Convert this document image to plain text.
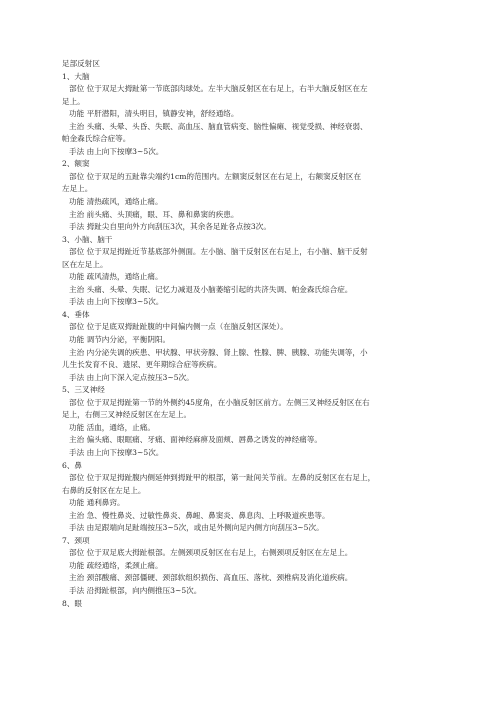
足部反射区
1、大脑
部位 位于双足大拇趾第一节底部肉球处。左半大脑反射区在右足上，右半大脑反射区在左
足上。
功能 平肝潜阳，清头明目，镇静安神，舒经通络。
主治 头痛、头晕、头昏、失眠、高血压、脑血管病变、脑性偏瘫、视觉受损、神经衰弱、
帕金森氏综合症等。
手法 由上向下按摩3~5次。
2、额窦
部位 位于双足的五趾靠尖端约1cm的范围内。左额窦反射区在右足上，右额窦反射区在
左足上。
功能 清热疏风，通络止痛。
主治 前头痛、头顶痛，眼、耳、鼻和鼻窦的疾患。
手法 拇趾尖自里向外方向刮压3次，其余各足趾各点按3次。
3、小脑、脑干
部位 位于双足拇趾近节基底部外侧面。左小脑、脑干反射区在右足上，右小脑、脑干反射
区在左足上。
功能 疏风清热，通络止痛。
主治 头痛、头晕、失眠、记忆力减退及小脑萎缩引起的共济失调、帕金森氏综合症。
手法 由上向下按摩3~5次。
4、垂体
部位 位于足底双拇趾趾腹的中间偏内侧一点（在脑反射区深处）。
功能 调节内分泌，平衡阴阳。
主治 内分泌失调的疾患、甲状腺、甲状旁腺、肾上腺、性腺、脾、胰腺、功能失调等，小
儿生长发育不良、遗尿、更年期综合症等疾病。
手法 由上向下深入定点按压3~5次。
5、三叉神经
部位 位于双足拇趾第一节的外侧约45度角，在小脑反射区前方。左侧三叉神经反射区在右
足上，右侧三叉神经反射区在左足上。
功能 活血，通络，止痛。
主治 偏头痛、眼眶痛、牙痛、面神经麻痹及面颊、唇鼻之诱发的神经痛等。
手法 由上向下按摩3~5次。
6、鼻
部位 位于双足拇趾腹内侧延伸到拇趾甲的根部，第一趾间关节前。左鼻的反射区在右足上，
右鼻的反射区在左足上。
功能 通利鼻窍。
主治 急、慢性鼻炎、过敏性鼻炎、鼻衄、鼻窦炎、鼻息肉、上呼吸道疾患等。
手法 由足跟端向足趾端按压3~5次，或由足外侧向足内侧方向刮压3~5次。
7、颈项
部位 位于双足底大拇趾根部。左侧颈项反射区在右足上，右侧颈项反射区在左足上。
功能 疏经通络，柔颈止痛。
主治 颈部酸痛、颈部僵硬、颈部软组织损伤、高血压、落枕、颈椎病及消化道疾病。
手法 沿拇趾根部，向内侧推压3~5次。
8、眼
